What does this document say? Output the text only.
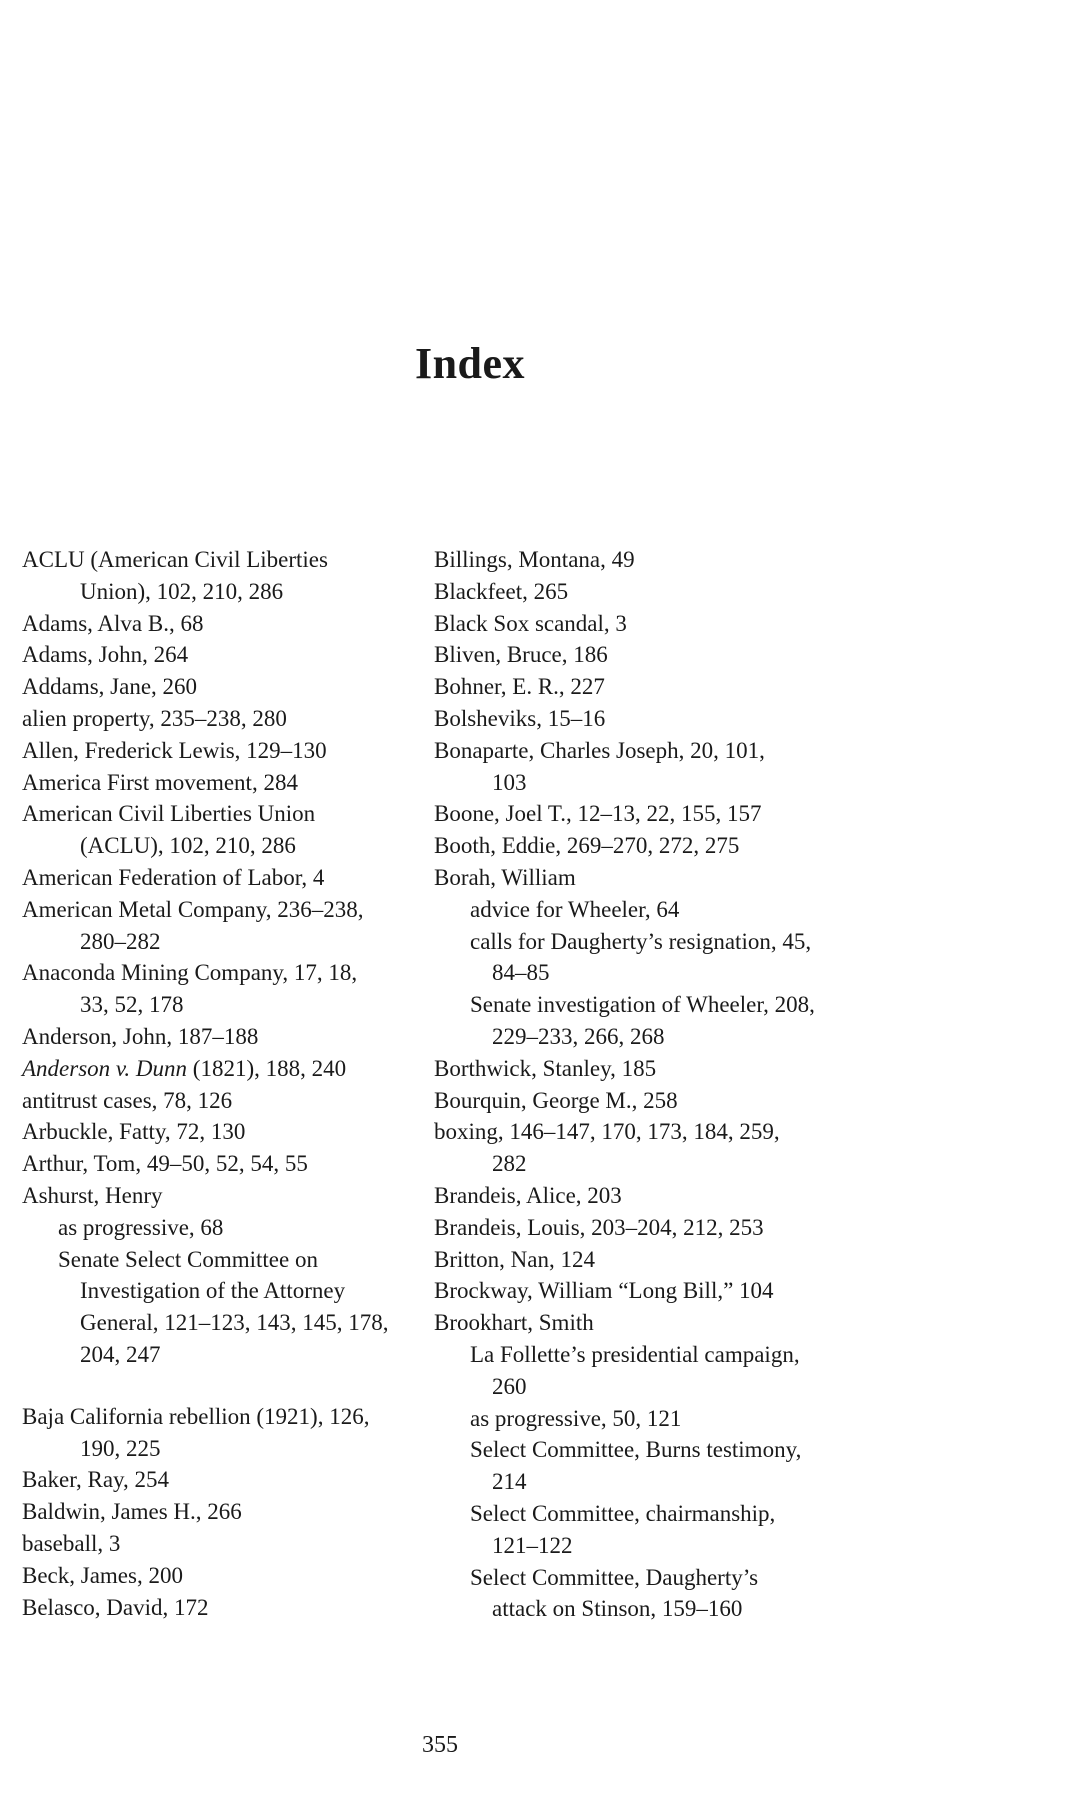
Index
ACLU (American Civil Liberties
Union), 102, 210, 286
Adams, Alva B., 68
Adams, John, 264
Addams, Jane, 260
alien property, 235–238, 280
Allen, Frederick Lewis, 129–130
America First movement, 284
American Civil Liberties Union
(ACLU), 102, 210, 286
American Federation of Labor, 4
American Metal Company, 236–238,
280–282
Anaconda Mining Company, 17, 18,
33, 52, 178
Anderson, John, 187–188
Anderson v. Dunn (1821), 188, 240
antitrust cases, 78, 126
Arbuckle, Fatty, 72, 130
Arthur, Tom, 49–50, 52, 54, 55
Ashurst, Henry
as progressive, 68
Senate Select Committee on
Investigation of the Attorney
General, 121–123, 143, 145, 178,
204, 247
Baja California rebellion (1921), 126,
190, 225
Baker, Ray, 254
Baldwin, James H., 266
baseball, 3
Beck, James, 200
Belasco, David, 172
Billings, Montana, 49
Blackfeet, 265
Black Sox scandal, 3
Bliven, Bruce, 186
Bohner, E. R., 227
Bolsheviks, 15–16
Bonaparte, Charles Joseph, 20, 101,
103
Boone, Joel T., 12–13, 22, 155, 157
Booth, Eddie, 269–270, 272, 275
Borah, William
advice for Wheeler, 64
calls for Daugherty’s resignation, 45,
84–85
Senate investigation of Wheeler, 208,
229–233, 266, 268
Borthwick, Stanley, 185
Bourquin, George M., 258
boxing, 146–147, 170, 173, 184, 259,
282
Brandeis, Alice, 203
Brandeis, Louis, 203–204, 212, 253
Britton, Nan, 124
Brockway, William “Long Bill,” 104
Brookhart, Smith
La Follette’s presidential campaign,
260
as progressive, 50, 121
Select Committee, Burns testimony,
214
Select Committee, chairmanship,
121–122
Select Committee, Daugherty’s
attack on Stinson, 159–160
355
